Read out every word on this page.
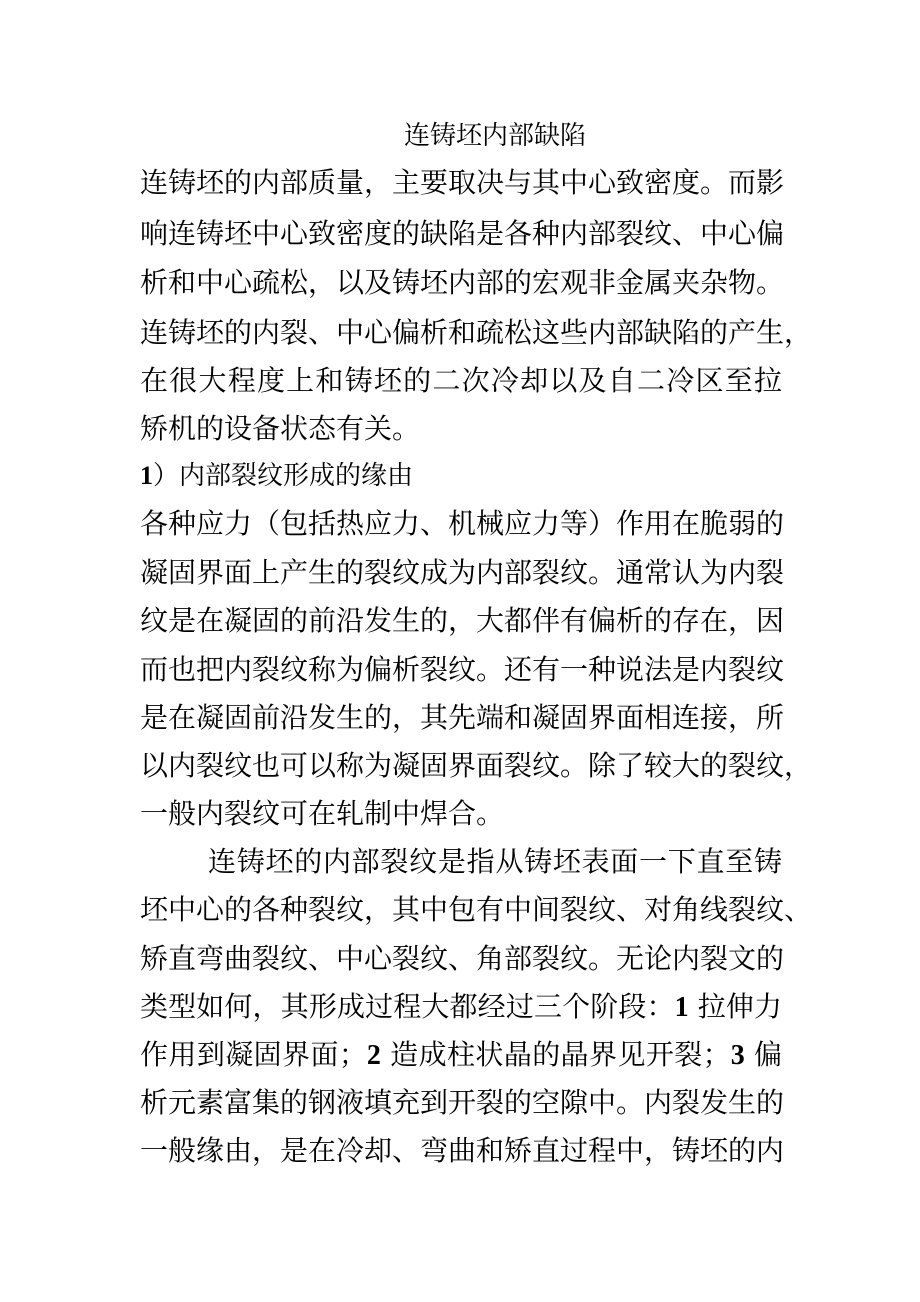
连铸坯内部缺陷
连铸坯的内部质量，主要取决与其中心致密度。而影
响连铸坯中心致密度的缺陷是各种内部裂纹、中心偏
析和中心疏松，以及铸坯内部的宏观非金属夹杂物。
连铸坯的内裂、中心偏析和疏松这些内部缺陷的产生，
在很大程度上和铸坯的二次冷却以及自二冷区至拉
矫机的设备状态有关。
1）内部裂纹形成的缘由
各种应力（包括热应力、机械应力等）作用在脆弱的
凝固界面上产生的裂纹成为内部裂纹。通常认为内裂
纹是在凝固的前沿发生的，大都伴有偏析的存在，因
而也把内裂纹称为偏析裂纹。还有一种说法是内裂纹
是在凝固前沿发生的，其先端和凝固界面相连接，所
以内裂纹也可以称为凝固界面裂纹。除了较大的裂纹，
一般内裂纹可在轧制中焊合。
连铸坯的内部裂纹是指从铸坯表面一下直至铸
坯中心的各种裂纹，其中包有中间裂纹、对角线裂纹、
矫直弯曲裂纹、中心裂纹、角部裂纹。无论内裂文的
类型如何，其形成过程大都经过三个阶段：1 拉伸力
作用到凝固界面；2 造成柱状晶的晶界见开裂；3 偏
析元素富集的钢液填充到开裂的空隙中。内裂发生的
一般缘由，是在冷却、弯曲和矫直过程中，铸坯的内
